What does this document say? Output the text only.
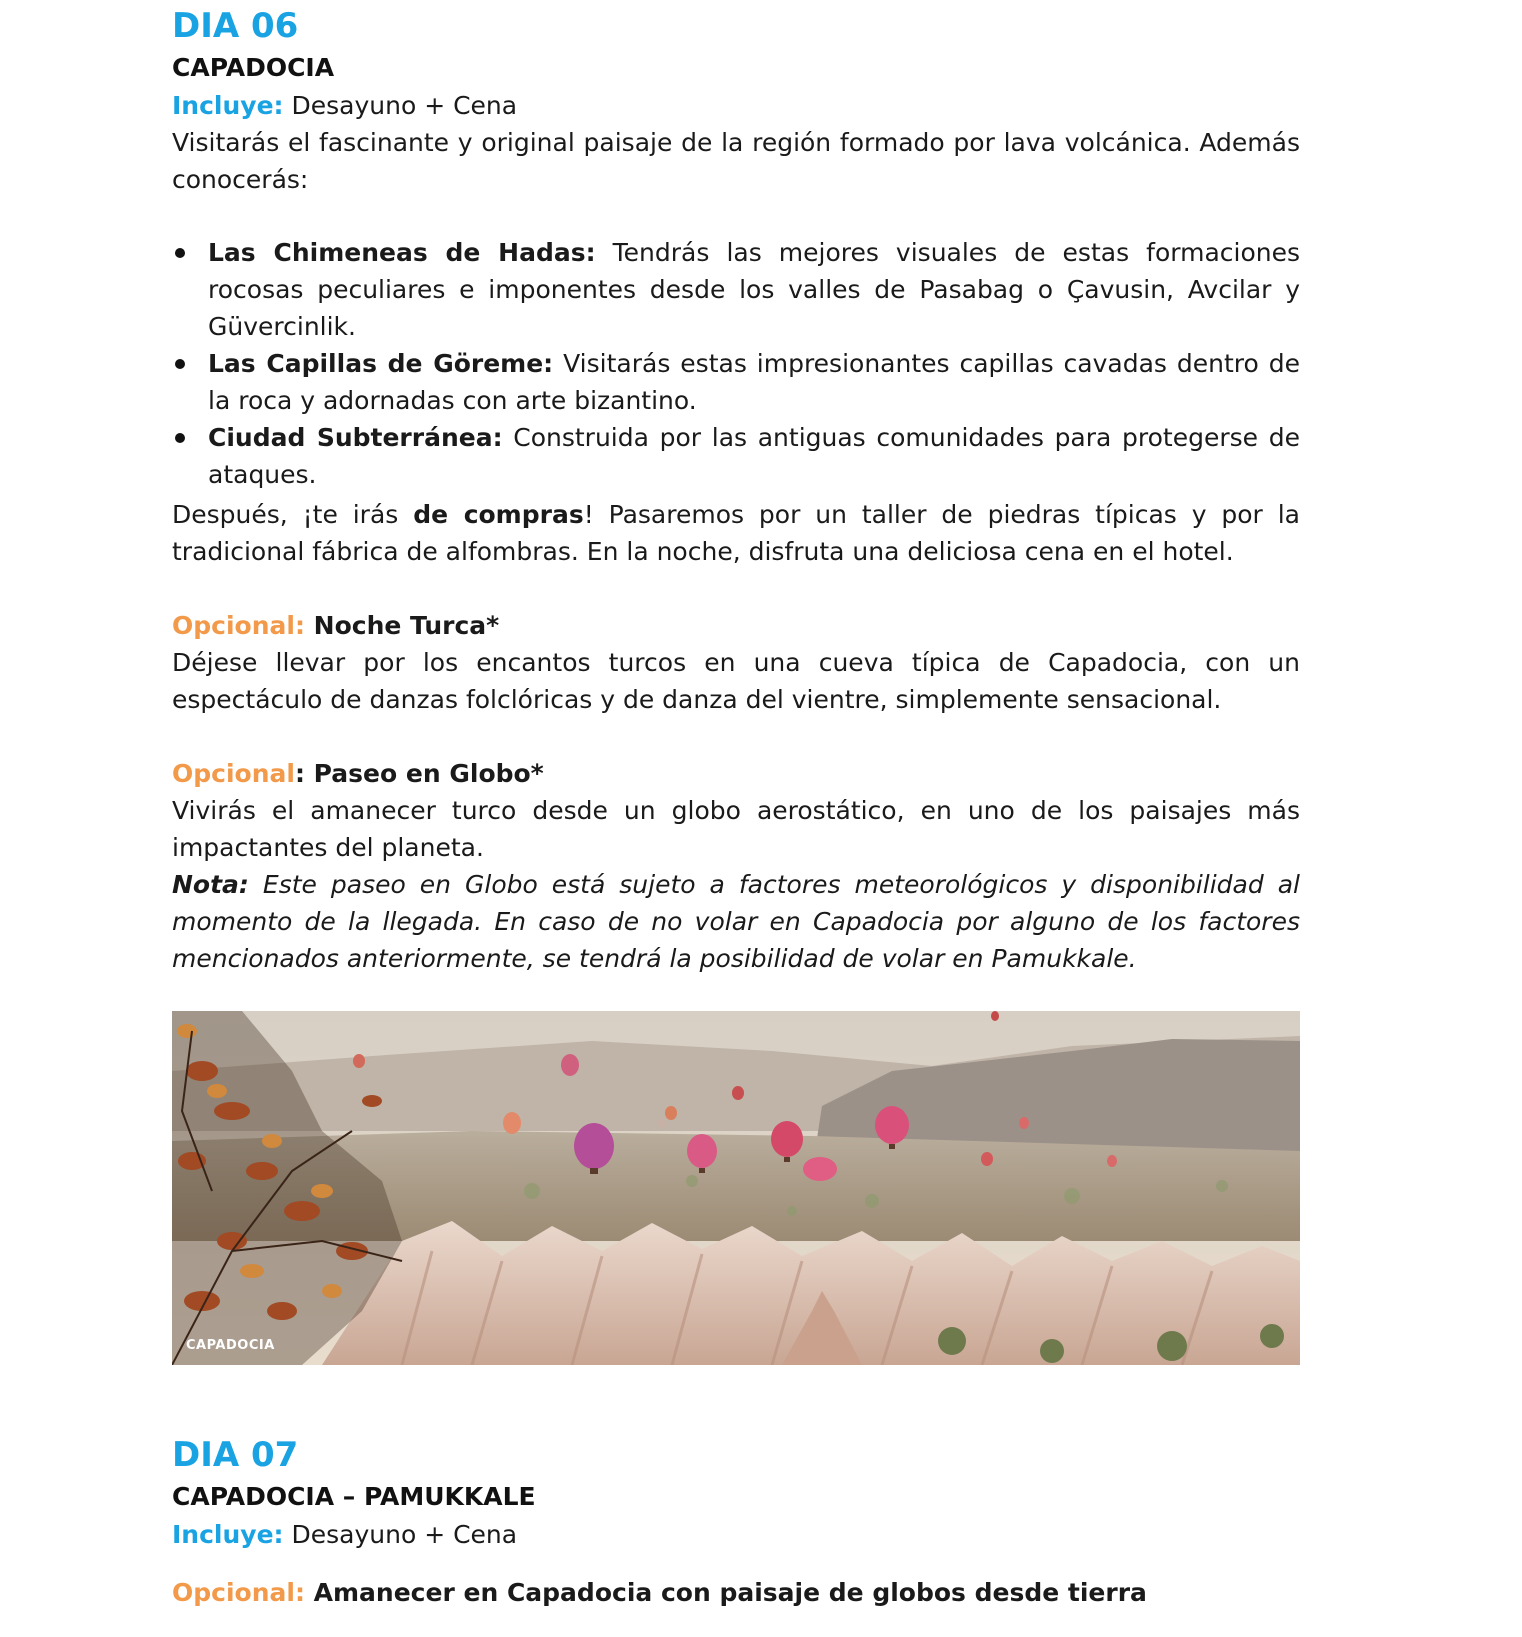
DIA 06
CAPADOCIA

Incluye: Desayuno + Cena

Visitarás el fascinante y original paisaje de la región formado por lava volcánica. Además conocerás:

Las Chimeneas de Hadas: Tendrás las mejores visuales de estas formaciones rocosas peculiares e imponentes desde los valles de Pasabag o Çavusin, Avcilar y Güvercinlik.
Las Capillas de Göreme: Visitarás estas impresionantes capillas cavadas dentro de la roca y adornadas con arte bizantino.
Ciudad Subterránea: Construida por las antiguas comunidades para protegerse de ataques.

Después, ¡te irás de compras! Pasaremos por un taller de piedras típicas y por la tradicional fábrica de alfombras. En la noche, disfruta una deliciosa cena en el hotel.

Opcional: Noche Turca*

Déjese llevar por los encantos turcos en una cueva típica de Capadocia, con un espectáculo de danzas folclóricas y de danza del vientre, simplemente sensacional.

Opcional: Paseo en Globo*

Vivirás el amanecer turco desde un globo aerostático, en uno de los paisajes más impactantes del planeta.

Nota: Este paseo en Globo está sujeto a factores meteorológicos y disponibilidad al momento de la llegada. En caso de no volar en Capadocia por alguno de los factores mencionados anteriormente, se tendrá la posibilidad de volar en Pamukkale.

CAPADOCIA
DIA 07
CAPADOCIA – PAMUKKALE

Incluye: Desayuno + Cena

Opcional: Amanecer en Capadocia con paisaje de globos desde tierra
